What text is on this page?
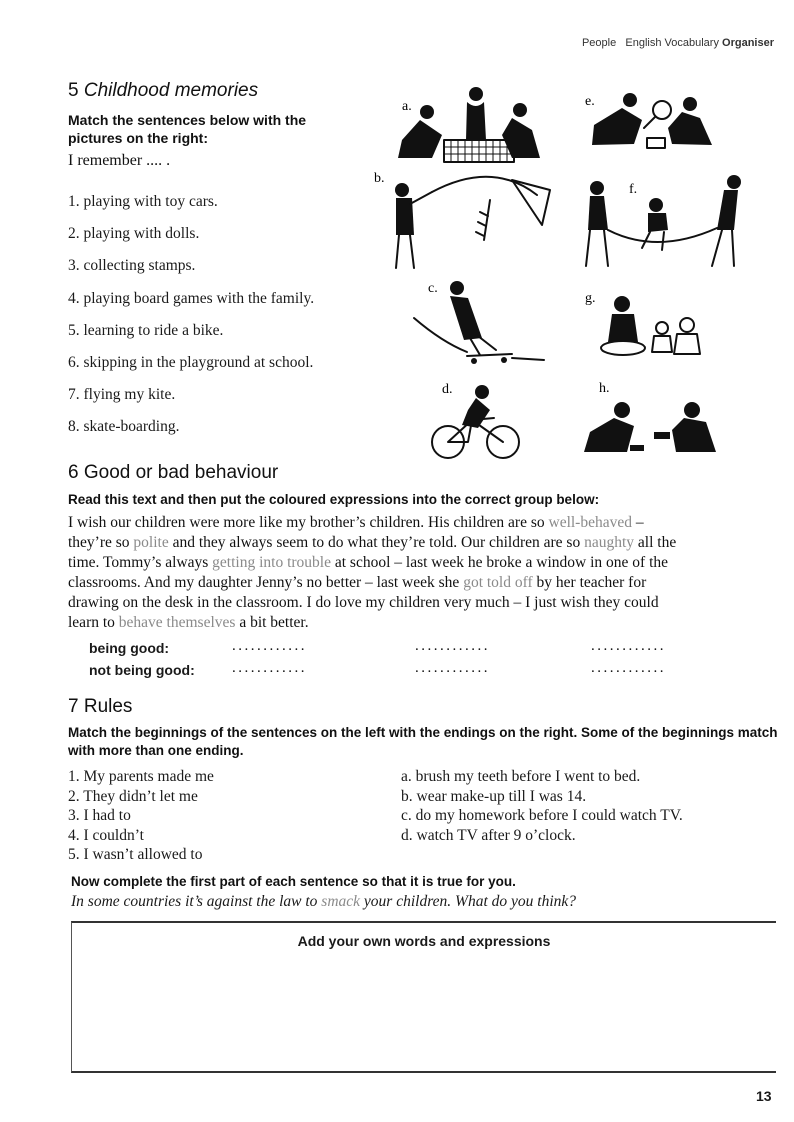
People English Vocabulary Organiser
5 Childhood memories
Match the sentences below with the pictures on the right:
I remember .... .
1. playing with toy cars.
2. playing with dolls.
3. collecting stamps.
4. playing board games with the family.
5. learning to ride a bike.
6. skipping in the playground at school.
7. flying my kite.
8. skate-boarding.
a.	e.
b.
f.
c.
g.
d.	h.
6 Good or bad behaviour
Read this text and then put the coloured expressions into the correct group below:
I wish our children were more like my brother’s children. His children are so well-behaved –
they’re so polite and they always seem to do what they’re told. Our children are so naughty all the
time. Tommy’s always getting into trouble at school – last week he broke a window in one of the
classrooms. And my daughter Jenny’s no better – last week she got told off by her teacher for
drawing on the desk in the classroom. I do love my children very much – I just wish they could
learn to behave themselves a bit better.
being good:	............	............	............
not being good: ............	............	............
7 Rules
Match the beginnings of the sentences on the left with the endings on the right. Some of the beginnings match with more than one ending.
1. My parents made me
2. They didn’t let me
3. I had to
4. I couldn’t
5. I wasn’t allowed to
a. brush my teeth before I went to bed.
b. wear make-up till I was 14.
c. do my homework before I could watch TV.
d. watch TV after 9 o’clock.
Now complete the first part of each sentence so that it is true for you.
In some countries it’s against the law to smack your children. What do you think?
Add your own words and expressions
13
